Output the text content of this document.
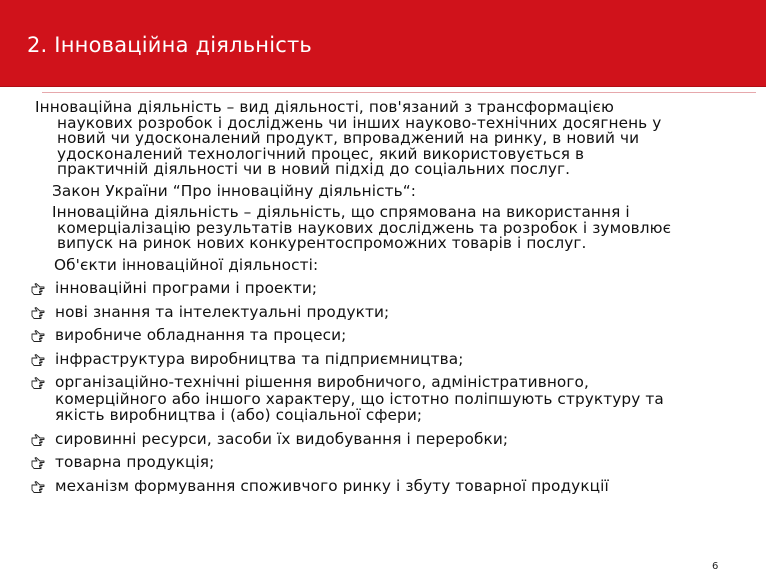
2. Інноваційна діяльність
Інноваційна діяльність – вид діяльності, пов'язаний з трансформацією
наукових розробок і досліджень чи інших науково-технічних досягнень у
новий чи удосконалений продукт, впроваджений на ринку, в новий чи
удосконалений технологічний процес, який використовується в
практичній діяльності чи в новий підхід до соціальних послуг.
Закон України “Про інноваційну діяльність“:
Інноваційна діяльність – діяльність, що спрямована на використання і
комерціалізацію результатів наукових досліджень та розробок і зумовлює
випуск на ринок нових конкурентоспроможних товарів і послуг.
Об'єкти інноваційної діяльності:
інноваційні програми і проекти;
нові знання та інтелектуальні продукти;
виробниче обладнання та процеси;
інфраструктура виробництва та підприємництва;
організаційно-технічні рішення виробничого, адміністративного,
комерційного або іншого характеру, що істотно поліпшують структуру та
якість виробництва і (або) соціальної сфери;
сировинні ресурси, засоби їх видобування і переробки;
товарна продукція;
механізм формування споживчого ринку і збуту товарної продукції
6
